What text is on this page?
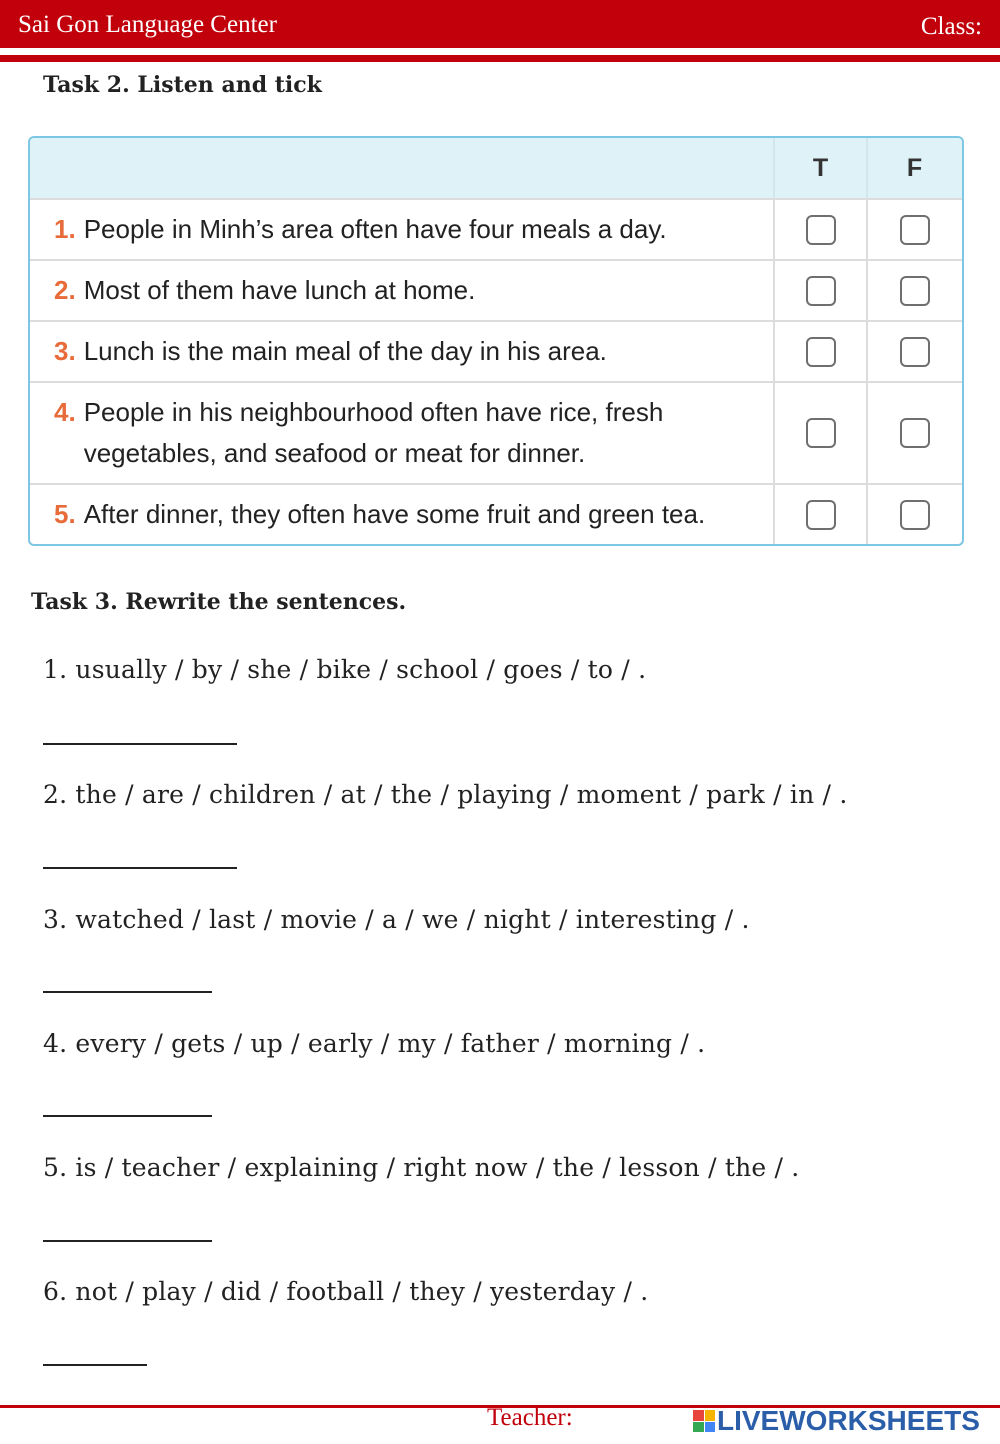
Sai Gon Language Center	Class:
Task 2. Listen and tick
T	F
1. People in Minh’s area often have four meals a day.
2. Most of them have lunch at home.
3. Lunch is the main meal of the day in his area.
4. People in his neighbourhood often have rice, fresh vegetables, and seafood or meat for dinner.
5. After dinner, they often have some fruit and green tea.
Task 3. Rewrite the sentences.
1. usually / by / she / bike / school / goes / to / .
2. the / are / children / at / the / playing / moment / park / in / .
3. watched / last / movie / a / we / night / interesting / .
4. every / gets / up / early / my / father / morning / .
5. is / teacher / explaining / right now / the / lesson / the / .
6. not / play / did / football / they / yesterday / .
Teacher:	LIVEWORKSHEETS
